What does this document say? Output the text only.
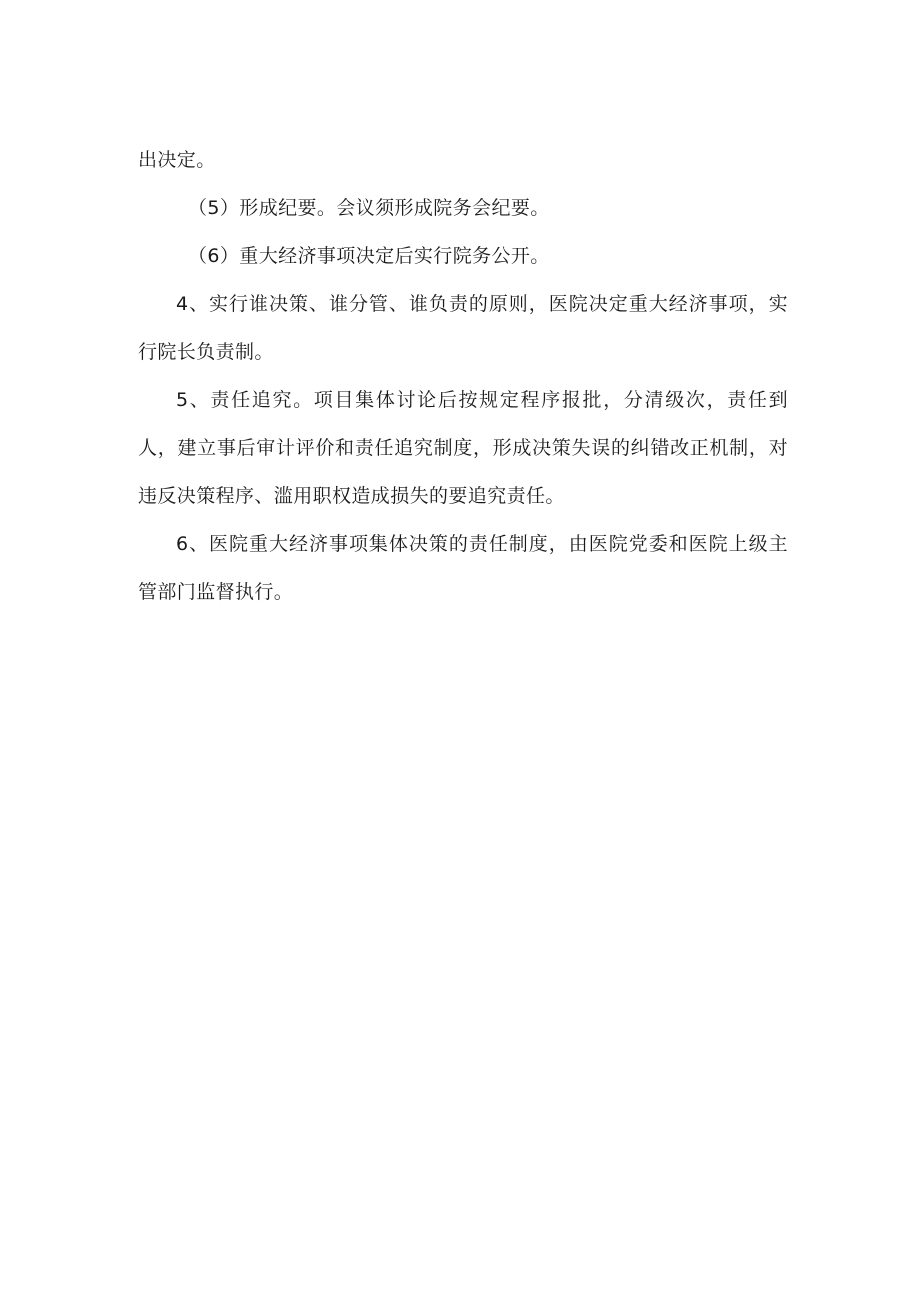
出决定。

（5）形成纪要。会议须形成院务会纪要。

（6）重大经济事项决定后实行院务公开。

4、实行谁决策、谁分管、谁负责的原则，医院决定重大经济事项，实行院长负责制。

5、责任追究。项目集体讨论后按规定程序报批，分清级次，责任到人，建立事后审计评价和责任追究制度，形成决策失误的纠错改正机制，对违反决策程序、滥用职权造成损失的要追究责任。

6、医院重大经济事项集体决策的责任制度，由医院党委和医院上级主管部门监督执行。
